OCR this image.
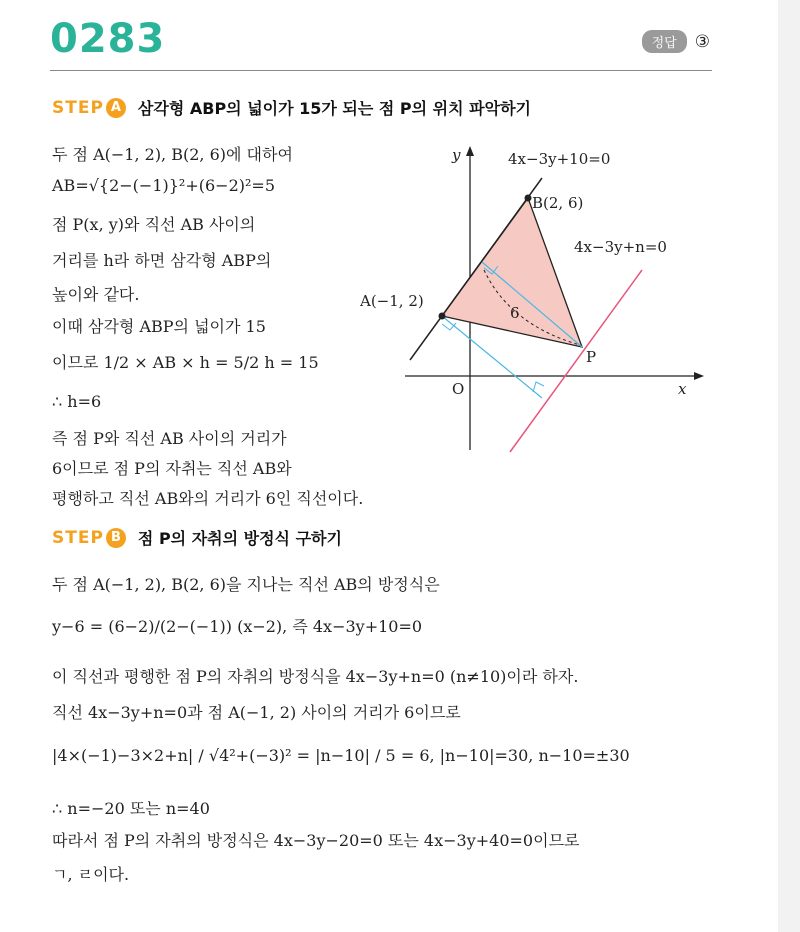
0283	정답	③
STEP A	삼각형 ABP의 넓이가 15가 되는 점 P의 위치 파악하기
두 점 A(−1, 2), B(2, 6)에 대하여
AB=√{2−(−1)}²+(6−2)²=5
점 P(x, y)와 직선 AB 사이의
거리를 h라 하면 삼각형 ABP의
높이와 같다.
이때 삼각형 ABP의 넓이가 15
이므로 1/2 × AB × h = 5/2 h = 15
∴ h=6
즉 점 P와 직선 AB 사이의 거리가
6이므로 점 P의 자취는 직선 AB와
평행하고 직선 AB와의 거리가 6인 직선이다.
y
x
O
6
A(−1, 2)
B(2, 6)
P
4x−3y+10=0
4x−3y+n=0
STEP B	점 P의 자취의 방정식 구하기
두 점 A(−1, 2), B(2, 6)을 지나는 직선 AB의 방정식은
y−6 = (6−2)/(2−(−1)) (x−2), 즉 4x−3y+10=0
이 직선과 평행한 점 P의 자취의 방정식을 4x−3y+n=0 (n≠10)이라 하자.
직선 4x−3y+n=0과 점 A(−1, 2) 사이의 거리가 6이므로
|4×(−1)−3×2+n| / √4²+(−3)² = |n−10| / 5 = 6, |n−10|=30, n−10=±30
∴ n=−20 또는 n=40
따라서 점 P의 자취의 방정식은 4x−3y−20=0 또는 4x−3y+40=0이므로
ㄱ, ㄹ이다.
